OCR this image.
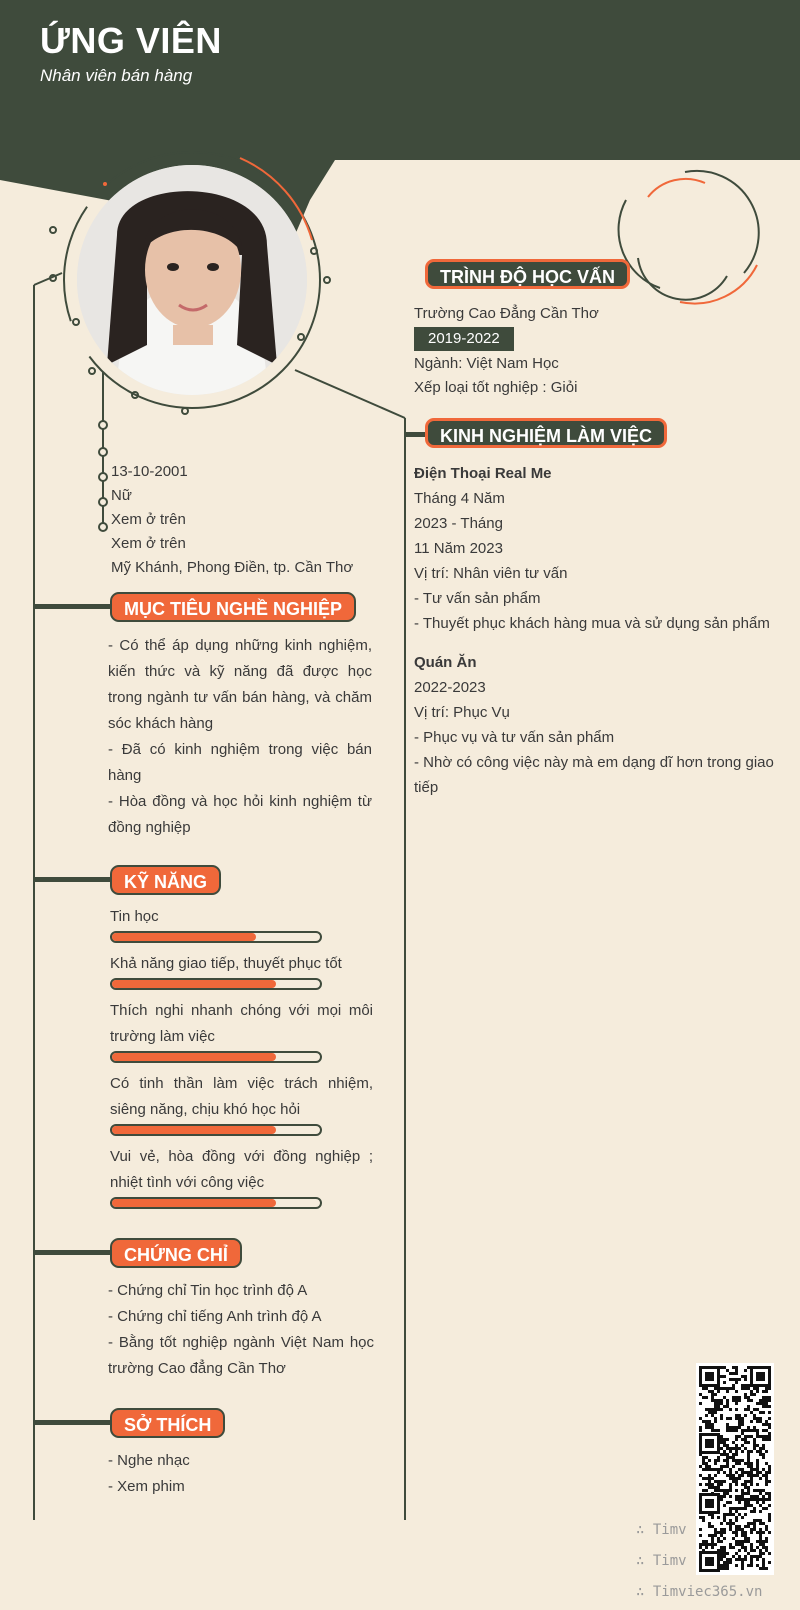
ỨNG VIÊN
Nhân viên bán hàng
13-10-2001
Nữ
Xem ở trên
Xem ở trên
Mỹ Khánh, Phong Điền, tp. Cần Thơ
MỤC TIÊU NGHỀ NGHIỆP
- Có thể áp dụng những kinh nghiệm, kiến thức và kỹ năng đã được học trong ngành tư vấn bán hàng, và chăm sóc khách hàng
- Đã có kinh nghiệm trong việc bán hàng
- Hòa đồng và học hỏi kinh nghiệm từ đồng nghiệp
KỸ NĂNG
Tin học
Khả năng giao tiếp, thuyết phục tốt
Thích nghi nhanh chóng với mọi môi trường làm việc
Có tinh thần làm việc trách nhiệm, siêng năng, chịu khó học hỏi
Vui vẻ, hòa đồng với đồng nghiệp ; nhiệt tình với công việc
CHỨNG CHỈ
- Chứng chỉ Tin học trình độ A
- Chứng chỉ tiếng Anh trình độ A
- Bằng tốt nghiệp ngành Việt Nam học trường Cao đẳng Cần Thơ
SỞ THÍCH
- Nghe nhạc
- Xem phim
TRÌNH ĐỘ HỌC VẤN
Trường Cao Đẳng Cần Thơ
2019-2022
Ngành: Việt Nam Học
Xếp loại tốt nghiệp : Giỏi
KINH NGHIỆM LÀM VIỆC
Điện Thoại Real Me
Tháng 4 Năm
2023 - Tháng
11 Năm 2023
Vị trí: Nhân viên tư vấn
- Tư vấn sản phẩm
- Thuyết phục khách hàng mua và sử dụng sản phẩm
Quán Ăn
2022-2023
Vị trí: Phục Vụ
- Phục vụ và tư vấn sản phẩm
- Nhờ có công việc này mà em dạng dĩ hơn trong giao tiếp
∴ Timv
∴ Timv
∴ Timviec365.vn
